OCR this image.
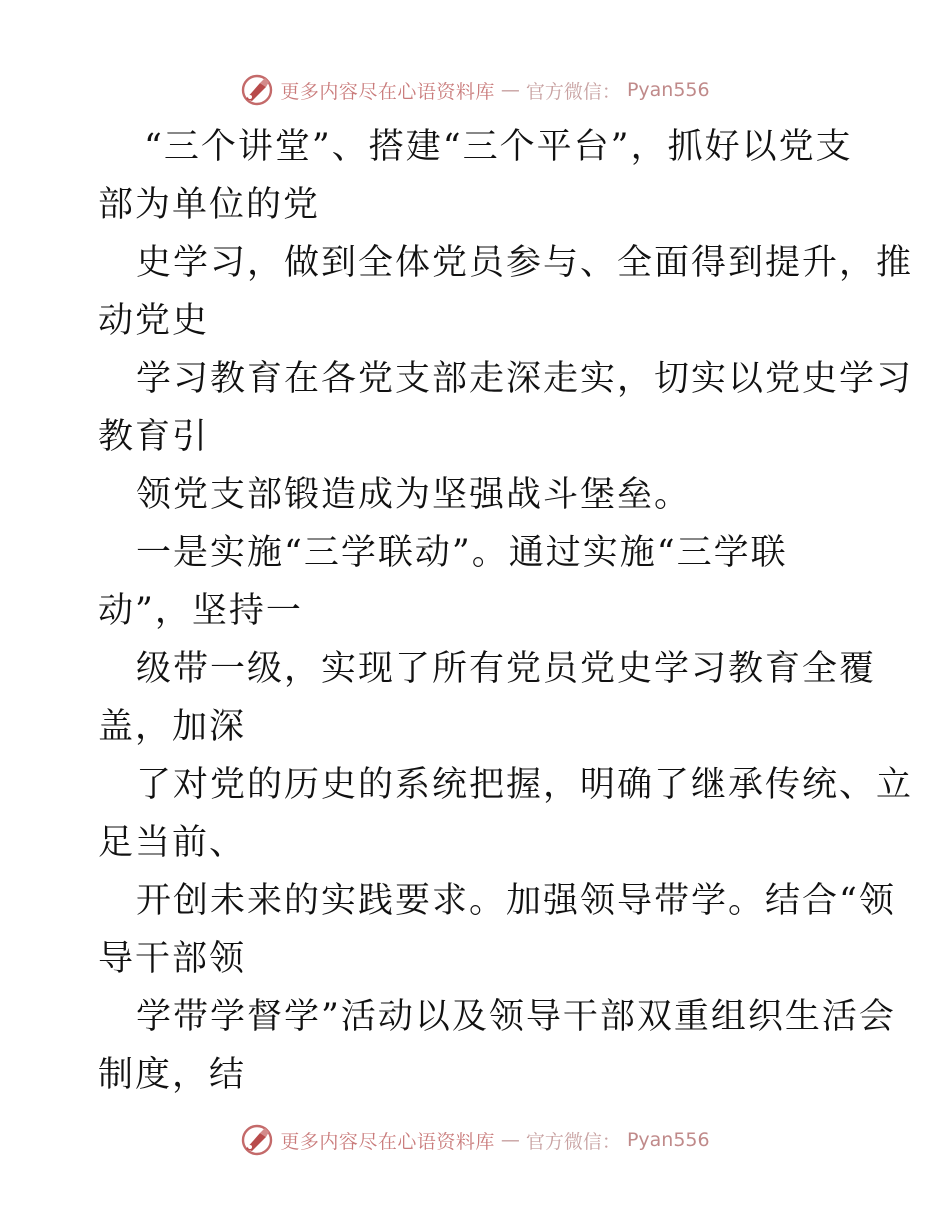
更多内容尽在心语资料库 — 官方微信： Pyan556
“三个讲堂”、搭建“三个平台”，抓好以党支
部为单位的党
史学习，做到全体党员参与、全面得到提升，推
动党史
学习教育在各党支部走深走实，切实以党史学习
教育引
领党支部锻造成为坚强战斗堡垒。
一是实施“三学联动”。通过实施“三学联
动”，坚持一
级带一级，实现了所有党员党史学习教育全覆
盖，加深
了对党的历史的系统把握，明确了继承传统、立
足当前、
开创未来的实践要求。加强领导带学。结合“领
导干部领
学带学督学”活动以及领导干部双重组织生活会
制度，结
更多内容尽在心语资料库 — 官方微信： Pyan556
